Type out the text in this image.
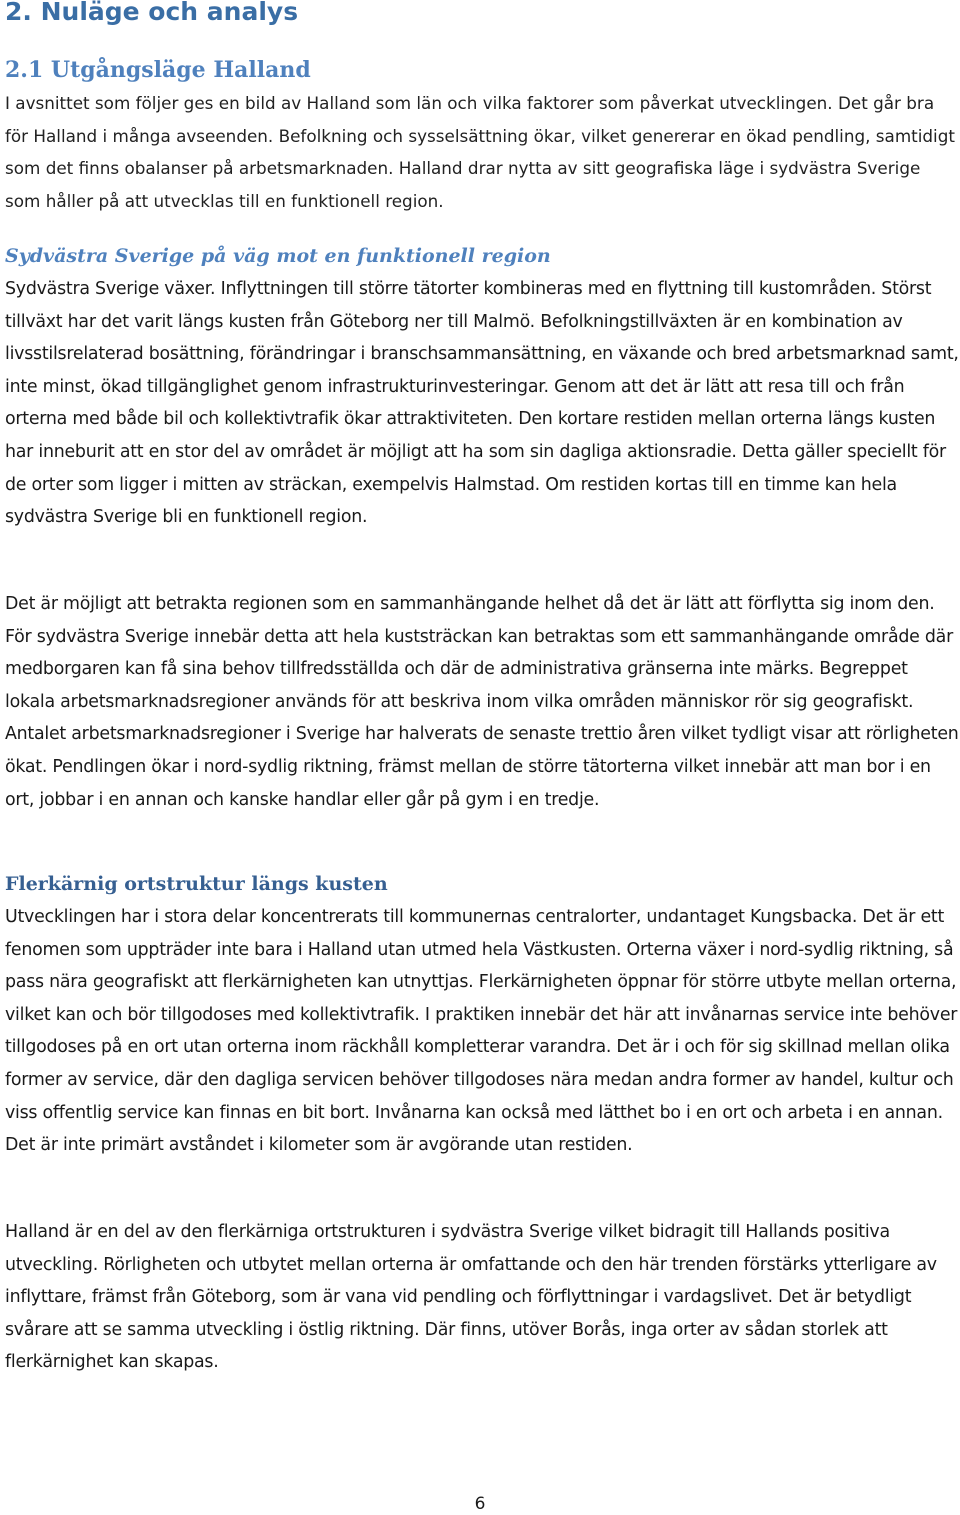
2. Nuläge och analys
2.1 Utgångsläge Halland

I avsnittet som följer ges en bild av Halland som län och vilka faktorer som påverkat utvecklingen. Det går bra för Halland i många avseenden. Befolkning och sysselsättning ökar, vilket genererar en ökad pendling, samtidigt som det finns obalanser på arbetsmarknaden. Halland drar nytta av sitt geografiska läge i sydvästra Sverige som håller på att utvecklas till en funktionell region.

Sydvästra Sverige på väg mot en funktionell region

Sydvästra Sverige växer. Inflyttningen till större tätorter kombineras med en flyttning till kustområden. Störst tillväxt har det varit längs kusten från Göteborg ner till Malmö. Befolkningstillväxten är en kombination av livsstilsrelaterad bosättning, förändringar i branschsammansättning, en växande och bred arbetsmarknad samt, inte minst, ökad tillgänglighet genom infrastrukturinvesteringar. Genom att det är lätt att resa till och från orterna med både bil och kollektivtrafik ökar attraktiviteten. Den kortare restiden mellan orterna längs kusten har inneburit att en stor del av området är möjligt att ha som sin dagliga aktionsradie. Detta gäller speciellt för de orter som ligger i mitten av sträckan, exempelvis Halmstad. Om restiden kortas till en timme kan hela sydvästra Sverige bli en funktionell region.

Det är möjligt att betrakta regionen som en sammanhängande helhet då det är lätt att förflytta sig inom den. För sydvästra Sverige innebär detta att hela kuststräckan kan betraktas som ett sammanhängande område där medborgaren kan få sina behov tillfredsställda och där de administrativa gränserna inte märks. Begreppet lokala arbetsmarknadsregioner används för att beskriva inom vilka områden människor rör sig geografiskt. Antalet arbetsmarknadsregioner i Sverige har halverats de senaste trettio åren vilket tydligt visar att rörligheten ökat. Pendlingen ökar i nord-sydlig riktning, främst mellan de större tätorterna vilket innebär att man bor i en ort, jobbar i en annan och kanske handlar eller går på gym i en tredje.

Flerkärnig ortstruktur längs kusten

Utvecklingen har i stora delar koncentrerats till kommunernas centralorter, undantaget Kungsbacka. Det är ett fenomen som uppträder inte bara i Halland utan utmed hela Västkusten. Orterna växer i nord-sydlig riktning, så pass nära geografiskt att flerkärnigheten kan utnyttjas. Flerkärnigheten öppnar för större utbyte mellan orterna, vilket kan och bör tillgodoses med kollektivtrafik. I praktiken innebär det här att invånarnas service inte behöver tillgodoses på en ort utan orterna inom räckhåll kompletterar varandra. Det är i och för sig skillnad mellan olika former av service, där den dagliga servicen behöver tillgodoses nära medan andra former av handel, kultur och viss offentlig service kan finnas en bit bort. Invånarna kan också med lätthet bo i en ort och arbeta i en annan. Det är inte primärt avståndet i kilometer som är avgörande utan restiden.

Halland är en del av den flerkärniga ortstrukturen i sydvästra Sverige vilket bidragit till Hallands positiva utveckling. Rörligheten och utbytet mellan orterna är omfattande och den här trenden förstärks ytterligare av inflyttare, främst från Göteborg, som är vana vid pendling och förflyttningar i vardagslivet. Det är betydligt svårare att se samma utveckling i östlig riktning. Där finns, utöver Borås, inga orter av sådan storlek att flerkärnighet kan skapas.

6
